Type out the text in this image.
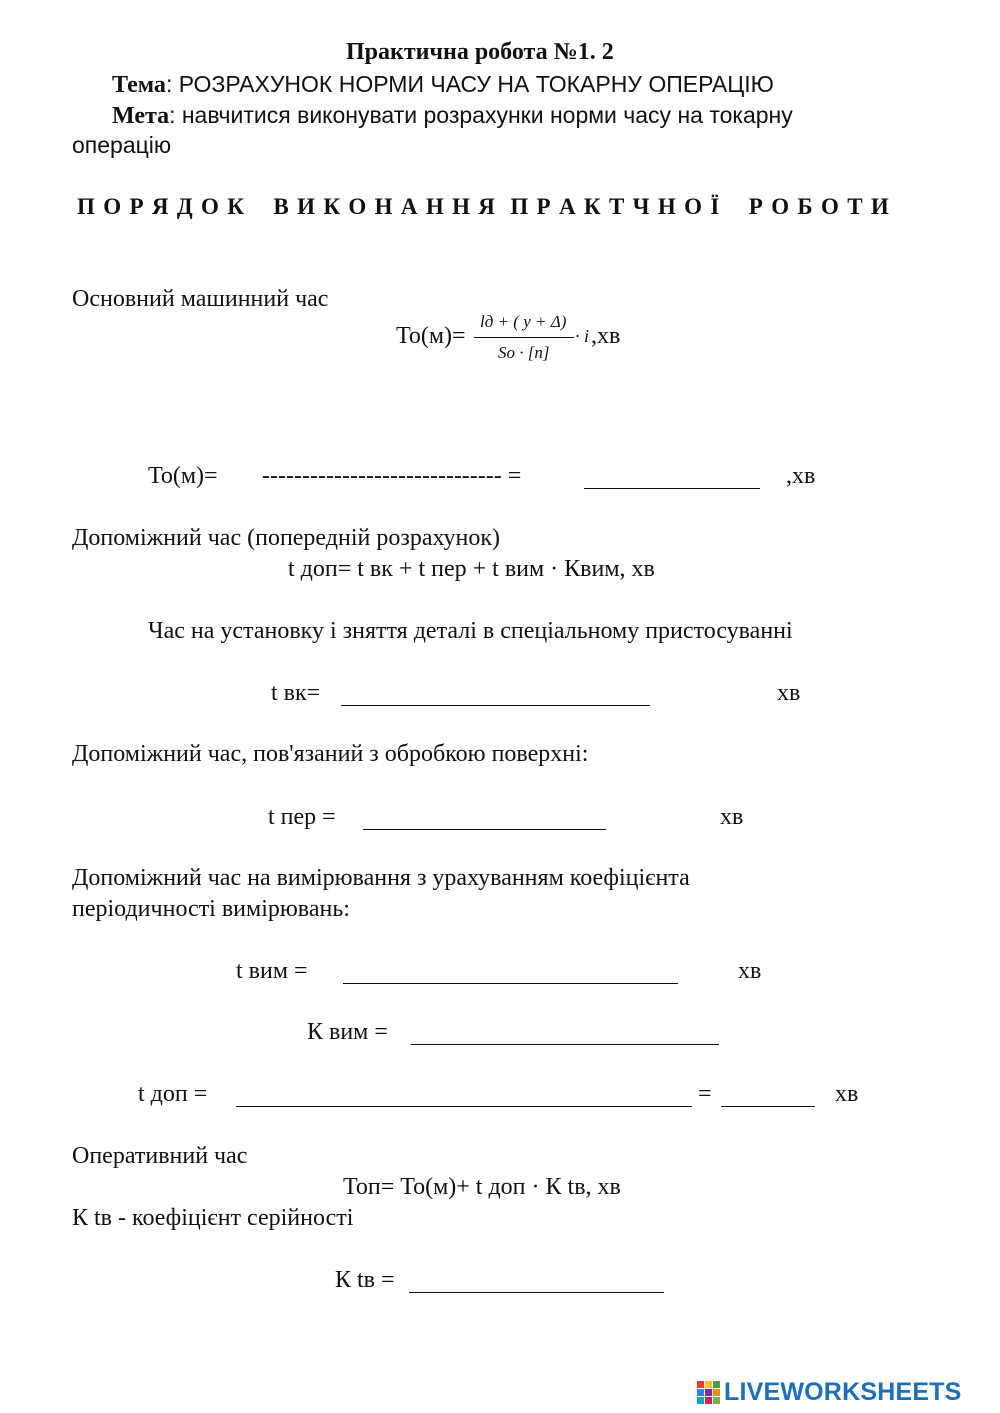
Практична робота №1. 2
Тема: РОЗРАХУНОК НОРМИ ЧАСУ НА ТОКАРНУ ОПЕРАЦІЮ
Мета: навчитися виконувати розрахунки норми часу на токарну
операцію
П О Р Я Д О К    В И К О Н А Н Н Я  П Р А К Т Ч Н О Ї    Р О Б О Т И
Основний машинний час
То(м)=
lд + ( y + Δ)
So · [n]
· i ,хв
То(м)= ------------------------------ =	,хв
Допоміжний час (попередній розрахунок)
t доп= t вк + t пер + t вим · Квим, хв
Час на установку і зняття деталі в спеціальному пристосуванні
t вк=	хв
Допоміжний час, пов'язаний з обробкою поверхні:
t пер =	хв
Допоміжний час на вимірювання з урахуванням коефіцієнта
періодичності вимірювань:
t вим =	хв
К вим =
t доп =	=	хв
Оперативний час
Топ= То(м)+ t доп · К tв, хв
К tв - коефіцієнт серійності
К tв =
LIVEWORKSHEETS
